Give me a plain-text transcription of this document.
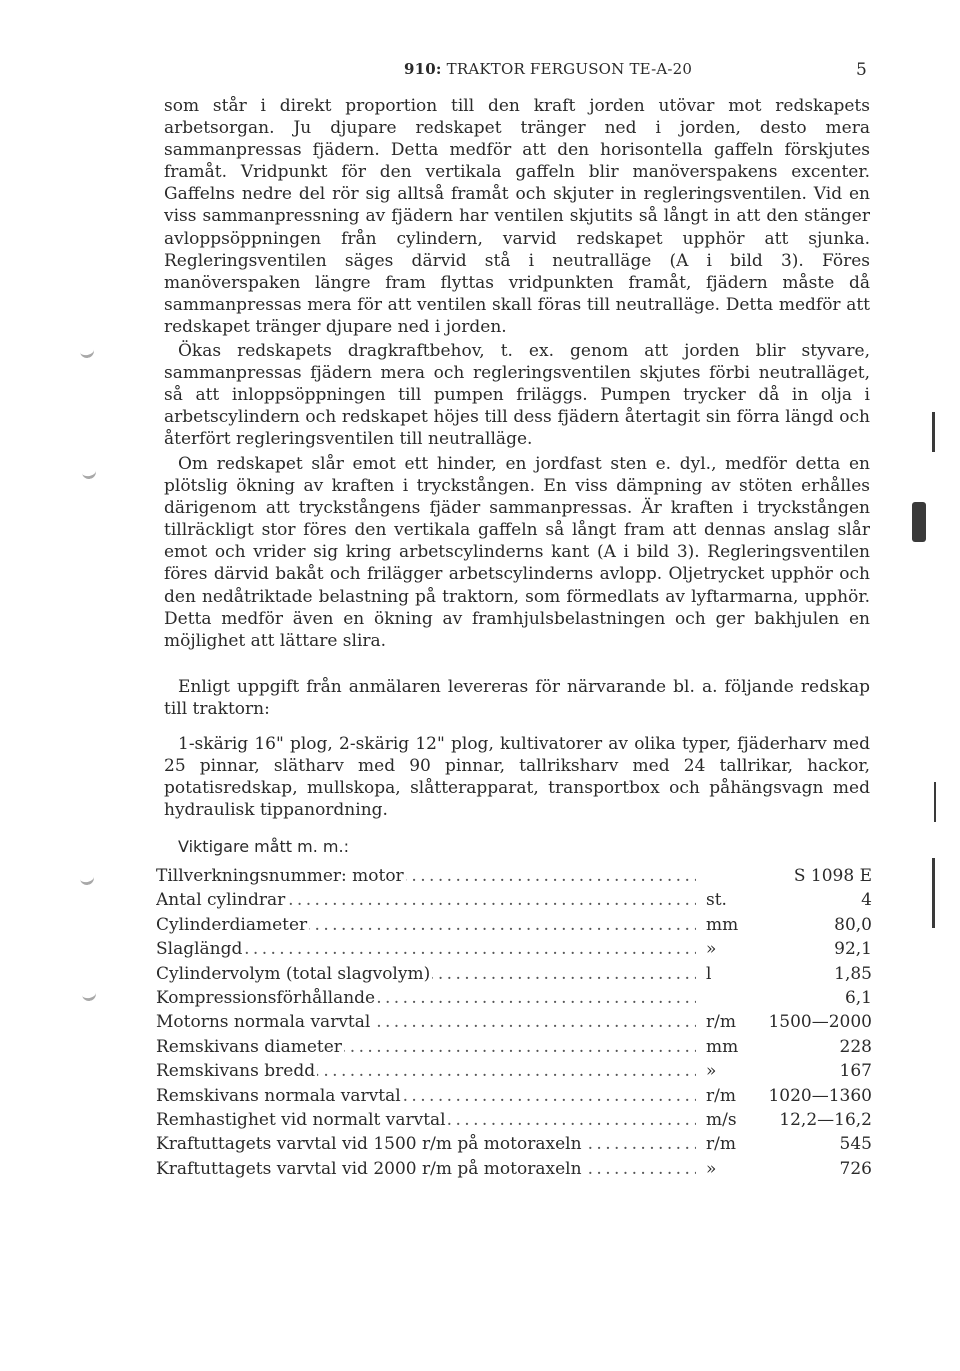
910: TRAKTOR FERGUSON TE-A-20	5
som står i direkt proportion till den kraft jorden utövar mot redskapets arbetsorgan. Ju djupare redskapet tränger ned i jorden, desto mera sammanpressas fjädern. Detta medför att den horisontella gaffeln förskjutes framåt. Vridpunkt för den vertikala gaffeln blir manöverspakens excenter. Gaffelns nedre del rör sig alltså framåt och skjuter in regleringsventilen. Vid en viss sammanpressning av fjädern har ventilen skjutits så långt in att den stänger avloppsöppningen från cylindern, varvid redskapet upphör att sjunka. Regleringsventilen säges därvid stå i neutralläge (A i bild 3). Föres manöverspaken längre fram flyttas vridpunkten framåt, fjädern måste då sammanpressas mera för att ventilen skall föras till neutralläge. Detta medför att redskapet tränger djupare ned i jorden.
Ökas redskapets dragkraftbehov, t. ex. genom att jorden blir styvare, sammanpressas fjädern mera och regleringsventilen skjutes förbi neutralläget, så att inloppsöppningen till pumpen friläggs. Pumpen trycker då in olja i arbetscylindern och redskapet höjes till dess fjädern återtagit sin förra längd och återfört regleringsventilen till neutralläge.
Om redskapet slår emot ett hinder, en jordfast sten e. dyl., medför detta en plötslig ökning av kraften i tryckstången. En viss dämpning av stöten erhålles därigenom att tryckstångens fjäder sammanpressas. Är kraften i tryckstången tillräckligt stor föres den vertikala gaffeln så långt fram att dennas anslag slår emot och vrider sig kring arbetscylinderns kant (A i bild 3). Regleringsventilen föres därvid bakåt och frilägger arbetscylinderns avlopp. Oljetrycket upphör och den nedåtriktade belastning på traktorn, som förmedlats av lyftarmarna, upphör. Detta medför även en ökning av framhjulsbelastningen och ger bakhjulen en möjlighet att lättare slira.
Enligt uppgift från anmälaren levereras för närvarande bl. a. följande redskap till traktorn:
1-skärig 16" plog, 2-skärig 12" plog, kultivatorer av olika typer, fjäderharv med 25 pinnar, slätharv med 90 pinnar, tallriksharv med 24 tallrikar, hackor, potatisredskap, mullskopa, slåtterapparat, transportbox och påhängsvagn med hydraulisk tippanordning.
Viktigare mått m. m.:
Tillverkningsnummer: motor . . .	S 1098 E
Antal cylindrar . . .	st.	4
Cylinderdiameter . . .	mm	80,0
Slaglängd . . .	»	92,1
Cylindervolym (total slagvolym) . . .	l	1,85
Kompressionsförhållande . . .	6,1
Motorns normala varvtal . . .	r/m 1500—2000
Remskivans diameter . . .	mm	228
Remskivans bredd . . .	»	167
Remskivans normala varvtal . . .	r/m 1020—1360
Remhastighet vid normalt varvtal . . .	m/s	12,2—16,2
Kraftuttagets varvtal vid 1500 r/m på motoraxeln . . .	r/m	545
Kraftuttagets varvtal vid 2000 r/m på motoraxeln . . .	»	726
